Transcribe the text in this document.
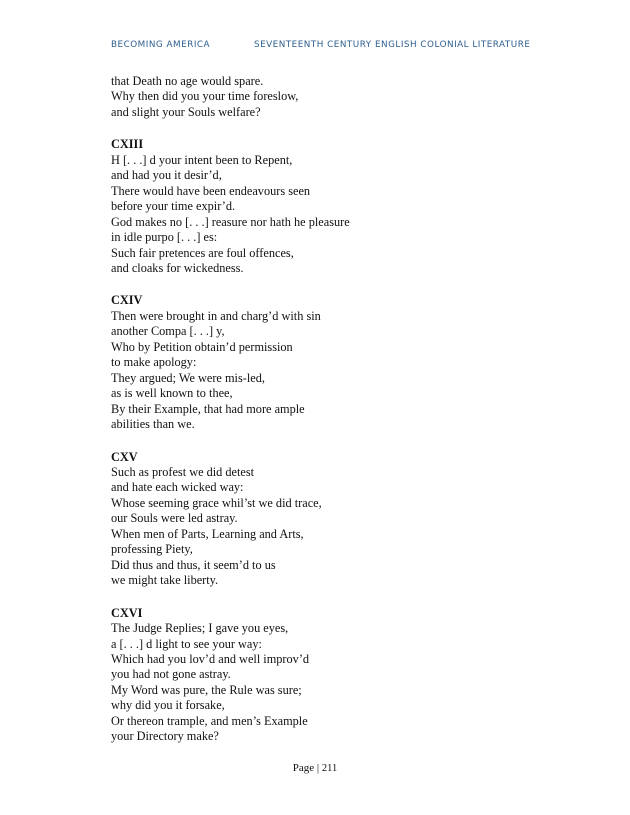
BECOMING AMERICA	SEVENTEENTH CENTURY ENGLISH COLONIAL LITERATURE
that Death no age would spare.
Why then did you your time foreslow,
and slight your Souls welfare?
CXIII
H [. . .] d your intent been to Repent,
and had you it desir’d,
There would have been endeavours seen
before your time expir’d.
God makes no [. . .] reasure nor hath he pleasure
in idle purpo [. . .] es:
Such fair pretences are foul offences,
and cloaks for wickedness.
CXIV
Then were brought in and charg’d with sin
another Compa [. . .] y,
Who by Petition obtain’d permission
to make apology:
They argued; We were mis-led,
as is well known to thee,
By their Example, that had more ample
abilities than we.
CXV
Such as profest we did detest
and hate each wicked way:
Whose seeming grace whil’st we did trace,
our Souls were led astray.
When men of Parts, Learning and Arts,
professing Piety,
Did thus and thus, it seem’d to us
we might take liberty.
CXVI
The Judge Replies; I gave you eyes,
a [. . .] d light to see your way:
Which had you lov’d and well improv’d
you had not gone astray.
My Word was pure, the Rule was sure;
why did you it forsake,
Or thereon trample, and men’s Example
your Directory make?
Page | 211
